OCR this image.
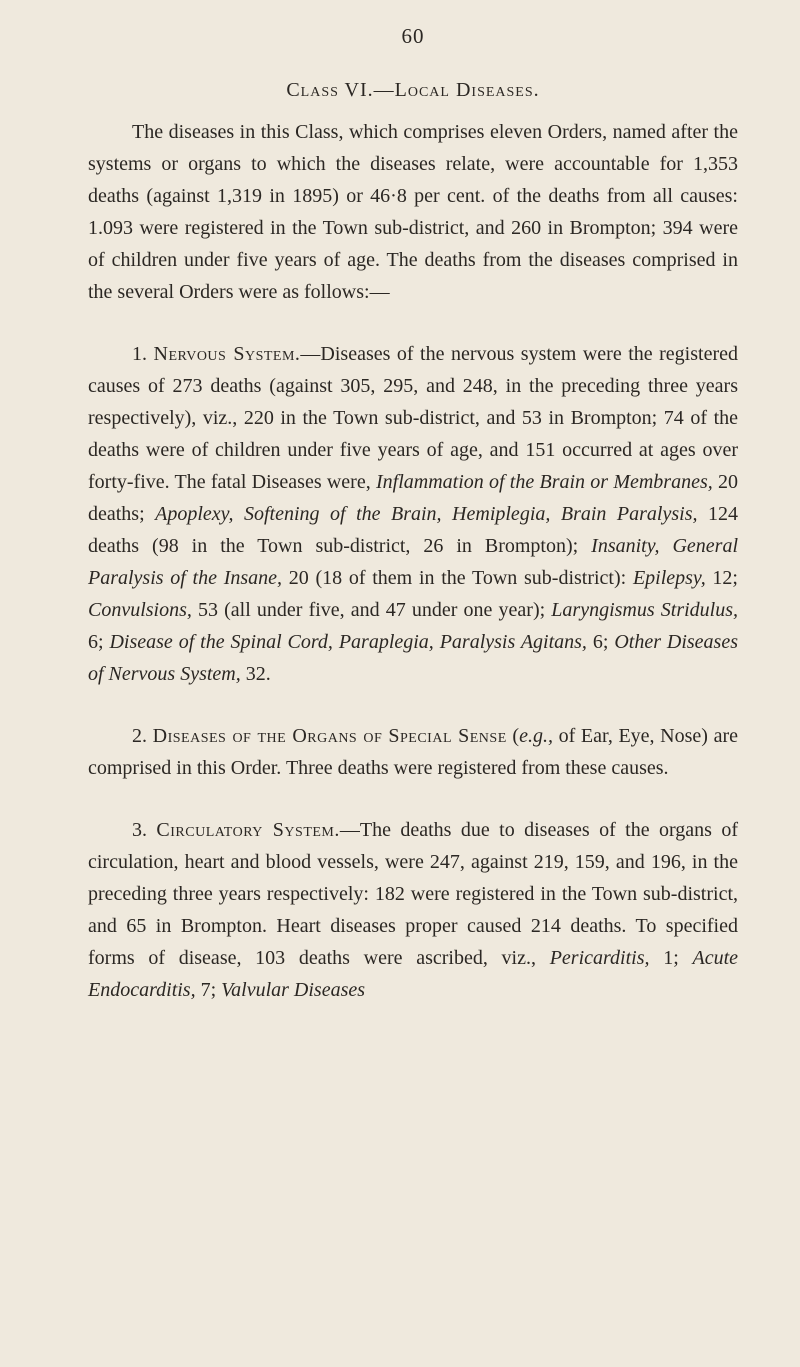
60
Class VI.—Local Diseases.

The diseases in this Class, which comprises eleven Orders, named after the systems or organs to which the diseases relate, were accountable for 1,353 deaths (against 1,319 in 1895) or 46·8 per cent. of the deaths from all causes: 1.093 were registered in the Town sub-district, and 260 in Brompton; 394 were of children under five years of age. The deaths from the diseases comprised in the several Orders were as follows:—

1. Nervous System.—Diseases of the nervous system were the registered causes of 273 deaths (against 305, 295, and 248, in the preceding three years respectively), viz., 220 in the Town sub-district, and 53 in Brompton; 74 of the deaths were of children under five years of age, and 151 occurred at ages over forty-five. The fatal Diseases were, Inflammation of the Brain or Membranes, 20 deaths; Apoplexy, Softening of the Brain, Hemiplegia, Brain Paralysis, 124 deaths (98 in the Town sub-district, 26 in Brompton); Insanity, General Paralysis of the Insane, 20 (18 of them in the Town sub-district): Epilepsy, 12; Convulsions, 53 (all under five, and 47 under one year); Laryngismus Stridulus, 6; Disease of the Spinal Cord, Paraplegia, Paralysis Agitans, 6; Other Diseases of Nervous System, 32.

2. Diseases of the Organs of Special Sense (e.g., of Ear, Eye, Nose) are comprised in this Order. Three deaths were registered from these causes.

3. Circulatory System.—The deaths due to diseases of the organs of circulation, heart and blood vessels, were 247, against 219, 159, and 196, in the preceding three years respectively: 182 were registered in the Town sub-district, and 65 in Brompton. Heart diseases proper caused 214 deaths. To specified forms of disease, 103 deaths were ascribed, viz., Pericarditis, 1; Acute Endocarditis, 7; Valvular Diseases
